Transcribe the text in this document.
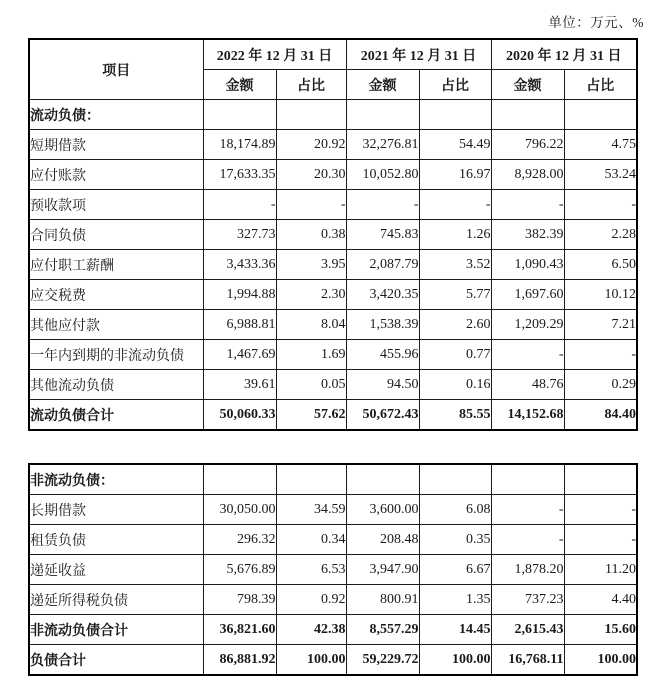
单位：万元、%
项目	2022 年 12 月 31 日		2021 年 12 月 31 日		2020 年 12 月 31 日	
	金额	占比	金额	占比	金额	占比
流动负债：						
短期借款	18,174.89	20.92	32,276.81	54.49	796.22	4.75
应付账款	17,633.35	20.30	10,052.80	16.97	8,928.00	53.24
预收款项	-	-	-	-	-	-
合同负债	327.73	0.38	745.83	1.26	382.39	2.28
应付职工薪酬	3,433.36	3.95	2,087.79	3.52	1,090.43	6.50
应交税费	1,994.88	2.30	3,420.35	5.77	1,697.60	10.12
其他应付款	6,988.81	8.04	1,538.39	2.60	1,209.29	7.21
一年内到期的非流动负债	1,467.69	1.69	455.96	0.77	-	-
其他流动负债	39.61	0.05	94.50	0.16	48.76	0.29
流动负债合计	50,060.33	57.62	50,672.43	85.55	14,152.68	84.40
非流动负债：						
长期借款	30,050.00	34.59	3,600.00	6.08	-	-
租赁负债	296.32	0.34	208.48	0.35	-	-
递延收益	5,676.89	6.53	3,947.90	6.67	1,878.20	11.20
递延所得税负债	798.39	0.92	800.91	1.35	737.23	4.40
非流动负债合计	36,821.60	42.38	8,557.29	14.45	2,615.43	15.60
负债合计	86,881.92	100.00	59,229.72	100.00	16,768.11	100.00
